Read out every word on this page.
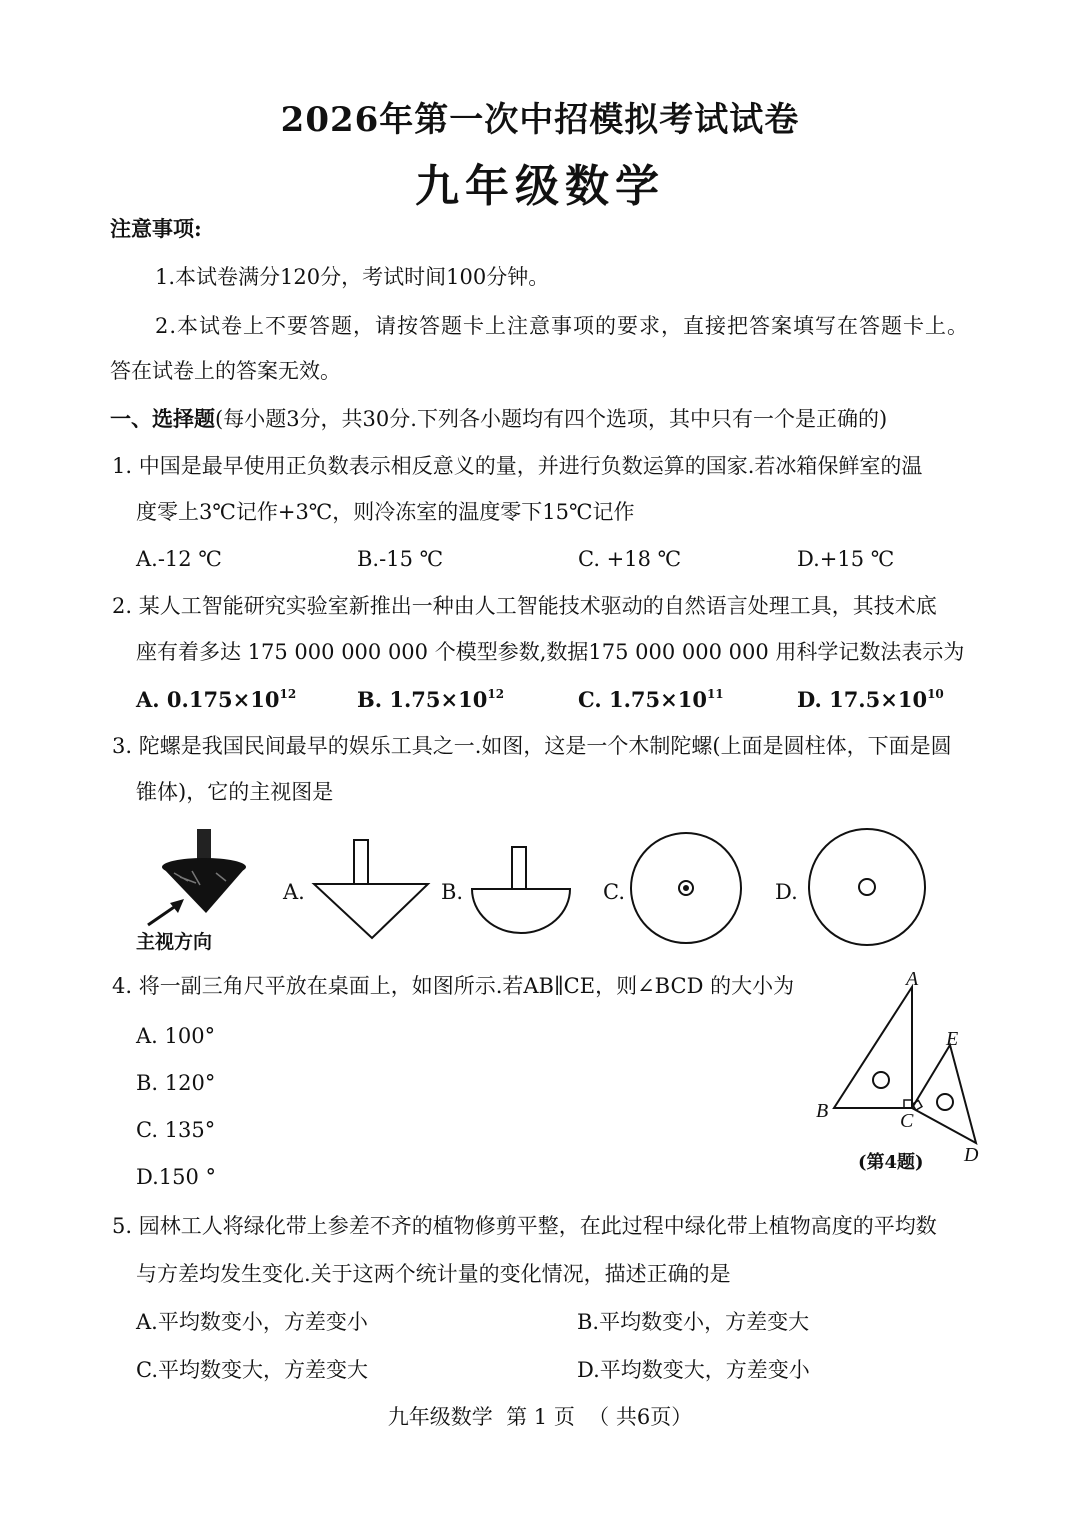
2026年第一次中招模拟考试试卷
九年级数学
注意事项:
1.本试卷满分120分，考试时间100分钟。
2.本试卷上不要答题，请按答题卡上注意事项的要求，直接把答案填写在答题卡上。
答在试卷上的答案无效。
一、选择题(每小题3分，共30分.下列各小题均有四个选项，其中只有一个是正确的)
1. 中国是最早使用正负数表示相反意义的量，并进行负数运算的国家.若冰箱保鲜室的温
度零上3℃记作+3℃，则冷冻室的温度零下15℃记作
A.-12 ℃	B.-15 ℃	C. +18 ℃	D.+15 ℃
2. 某人工智能研究实验室新推出一种由人工智能技术驱动的自然语言处理工具，其技术底
座有着多达 175 000 000 000 个模型参数,数据175 000 000 000 用科学记数法表示为
A. $0.175\times 10^{12}$	B. $1.75\times 10^{12}$	C. $1.75\times 10^{11}$	D. $17.5\times 10^{10}$
3. 陀螺是我国民间最早的娱乐工具之一.如图，这是一个木制陀螺(上面是圆柱体，下面是圆
锥体)，它的主视图是
主视方向
A.	B.	C.	D.
4. 将一副三角尺平放在桌面上，如图所示.若AB∥CE，则∠BCD 的大小为
A. 100°
B. 120°
C. 135°
D.150 °
A
B	C
E
D
(第4题)
5. 园林工人将绿化带上参差不齐的植物修剪平整，在此过程中绿化带上植物高度的平均数
与方差均发生变化.关于这两个统计量的变化情况，描述正确的是
A.平均数变小，方差变小	B.平均数变小，方差变大
C.平均数变大，方差变大	D.平均数变大，方差变小
九年级数学  第 1 页  （ 共6页）
